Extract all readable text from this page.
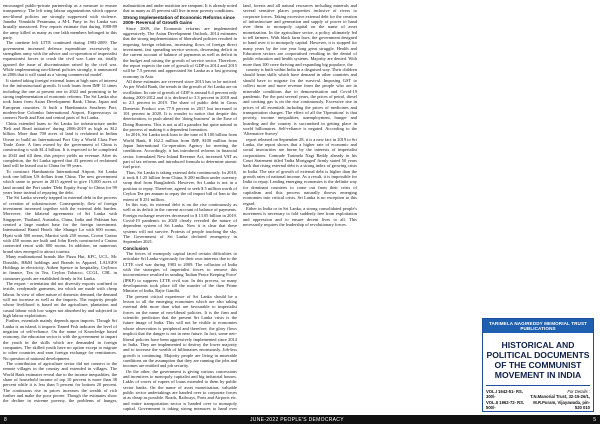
encouraged public-private partnership as a measure to ensure transparency. The left wing labour organizations which oppose neo-liberal policies are strongly suppressed with violence. Janatha Vimukthi Peramuna, a M-L Party in Sri Lanka was brutally massacred. Few reports estimate that during 1988-89 the army killed as many as one lakh members belonged to this party.

The onetime left LTTE continued during 1983-2009. The government increased defence expenditure excessively to strengthen army with the advice and co-operation of imperialist expansionist forces to crush the civil war. Later on, totally ignored the issue of discrimination raised by the civil war. While implementing neo-liberal policies strongly, it announced in 2006 that it will stand as a 'strong commercial model'.

It started taking foreign/ external loans at high rates of interest for the infrastructural growth. It took loans from IMF 11 times including the one at present one in 2022 and promising to be strong implementation of economic reforms. The Sri Lanka also took loans from Asian Development Bank, China, Japan and European countries. It built a Hambantota Southern Port, modern-line Colombo International Airport, Expressways to connect North and East and central parts of Sri Lanka.

China extended loans to Sri Lanka for infrastructure under 'Belt and Road initiative' during 2006-2019 as high as $12 billion. More than 700 acres of land is reclaimed in Indian Ocean to build an International Port City a World Class Free Trade Zone. A firm owned by the government of China is constructing it with $1.4 billion. It is expected to be completed in 2043 and till then, this project yields no revenue. After its completion, the Sri Lanka agreed that 43 percent of reclaimed land will be leased out to China for 99 years.

To construct Hambantota International Airport, Sri Lanka took one billion US dollars from China. The new government which came to power in 2015 agreed to give 15,000 acres of land around the Port under 'Debt Equity Swap' to China for 99 years lease instead of repaying the debt.

The Sri Lanka severely trapped in external debt in the process of creation of infrastructure. Consequently, flow of foreign investment increased together with the external debt burden. Moreover, the bilateral agreements of Sri Lanka with Singapore, Thailand, Australia, China, India and Pakistan has created a large market base for the foreign investment. International Brand Hotels like Shangri La with 600 rooms, Hyatt with 500 rooms, Marriot with 250 rooms, Crown Casino with 450 rooms are built and John Keels constructed a Casino connected resort with 800 rooms. In addition, on numerous brand sites emerged to attract tourists.

Many multinational brands like Pizza Hut, KFC, UCL, Mc Donalds, H&M holdings and Brands in Apparel, LAUGFS Holdings in electricity, Aitken Spence in hospitality, Ceylinco in finance, Tea in Tea, Ceylon Tobacco, CCGL, CBL in consumer goods are established firmly in Sri Lanka.

The export - orientation did not diversify exports confined to textile, readymade garments, tea which are made with cheap labour. In view of other nature of domestic demand, the demand will not increase as well as the imports. The majority people whose livelihood is based on the agriculture, plantation and casual labour with low wages not absorbed by and subjected to high labour exploitation.

Further, essentials mainly depends upon imports. Though Sri Lanka is an island, it imports Tinned Fish indicates the level of negation of self-reliance. On the name of Knowledge based economy, the education sector is with the government to impart the youth in the skills which are demanded in foreign companies. The skilled youth have no option except to migrate to other countries and earn foreign exchange for remittances. No question of national development.

The contribution of agriculture sector did not connect to the remote villages in the country and extended in villages. The World Bank estimates reveal due to the income inequalities, the share of household income of top 10 percent is more than 38 percent while it is less than 5 percent for bottom 20 percent. The continuous rise in prices increases the wealth of rich further and make the poor poorer. Though the estimates show the decline in extreme poverty, the problems of hunger, malnutrition and under nutrition are rampant. It is already noted that as many as 45 percent still live in near poverty conditions.

Strong Implementation of Economic Reforms since 2009- Reversal of Growth Gains

Since 2009, the Economic reforms are implemented aggressively. The Asian Development Outlook, 2014 estimates that the strong implementation of liberalised policies resulted in imposing foreign relations, increasing flows of foreign direct investment, fast spreading service sectors, decreasing deficit in the current account of balance of payments as well as deficit in the budget and raising the growth of service sector. Therefore, the report expects the rate of growth of GDP in 2014 and 2015 will be 7.5 percent and appreciated Sri Lanka as a fast growing economy in Asia.

All these estimates are reversed since 2013 has to be noticed. As per World Bank, the trends in the growth of Sri Lanka are on oscillation. Its rate of growth of GDP is around 6.4 percent only during 2003-2012 and it is declined to 3.3 percent in 2018 and to 2.3 percent in 2019. The share of public debt in Gross Domestic Product was 77.9 percent in 2017 but increased to 101 percent in 2020. It is wonder to notice that despite this deterioration, to push ahead the 'doing business' in the Ease of Doing Business. This is not at all a paradox but quite natural in the process of making it a dependent formation.

In 2016, Sri Lanka took loan to the tune of $ 100 billion from World Bank, $ 162.2 million from IMF, $100 million from Japan International Co-operation Agency for meeting the conditions. Accordingly, it has introduced reforms in financial sector, formulated New Inland Revenue Act, increased VAT as part of tax reforms and introduced formula to determine atomic fuel price.

Thus, Sri Lanka is taking external debt continuously. In 2018, it took $ 1.25 billion from China, $ 200 million under currency swap deal from Bangladesh. However, Sri Lanka is not in a position to repay. Therefore, agreed to seek $ 5 million worth of Ceylon Tea per annum to repay the oil import bill of Iran to the extent of $ 251 million.

In this way, its external debt is on the rise continuously as well as its deficit in the current account of balance of payments. Foreign exchange reserves decreased to $ 13.05 billion in 2019. Covid-19 pandemic in 2020 clearly revealed the nature of dependent system of Sri Lanka. Now it is clear that these systems will not survive. Protests of people touching the sky. The Government of Sri Lanka declared emergency in September 2021.

Conclusion

The forces of monopoly capital faced certain difficulties to articulate Sri Lanka vigorously for their own interests due to the LTTE civil war during 1983 to 2009. The collusion of India with the strategies of imperialist forces to remove this inconvenience resulted in sending 'Indian Peace Keeping Force' (IPKF) to suppress LTTE civil war. In this process, so many developments took place till the murder of the then Prime Minister of India, Rajiv Gandhi.

The present critical experience of Sri Lanka should be a lesson to all the emerging economies which are also taking external debt more than what are favourable to imperialist forces on the name of neo-liberal policies. It is the firm and scientific prediction that the present Sri Lanka crisis is the future image of India. This will not be visible to economies whose observation is peripheral and therefore, the glory flows implicit that the danger is not in near future. In fact, some neo-liberal policies have been aggressively implemented since 2014 in India. They are implemented to destroy the lower majority and to increase the wealth of billionaires enormously. Job-less growth is continuing. Majority people are living in miserable conditions on the assumption that they are running the jobs and incomes are entitled and job security.

On the other, the government is giving various concessions and incentives to monopoly capitalist and big industrial houses. Lakhs of crores of rupees of loans extended to them by public sector banks. On the name of asset monetisation, valuable public sector undertakings are handed over to corporate forces at as cheap as possible. Roads, Railways, Ports and Airports etc. and entire transportation sector is handed over to monopoly capital. Government is taking strong measures to hand over land, forests and all natural resources including minerals and several sensitive places properties inclusive of rivers to corporate forces. Taking excessive external debt for the creation of infrastructure and generation and supply of power to hand over them to monopoly capital on the name of asset monetization. In the agriculture sector, a policy ultimately led to tell farmers. With black farm laws, the government designed to hand over it to monopoly capital. However, it is stopped for many years by the one year long great struggle. Health and Education sectors are corporatised resulting in the denial of public education and health systems. Majority are denied. With more than 100 crore thriving and expanding big populace, the

country is built within India in a disguised way. Their children should learn skills which have demand in other countries and should have to migrate for the survival. Imposing GST to collect more and more revenue from the people who are in miserable conditions due to demonetisation and Covid-19 pandemic. For the past several years, the prices of petrol, diesel and cooking gas is on the rise continuously. Excessive rise in prices of all essentials including the prices of medicines and transportation charges. The effect of all the 'Operations' is that poverty, income inequalities, unemployment, hunger and hoarding and the country is succumbed in getting place in world billionaires. Self-reliance is negated. According to the 'Alternative Survey'

report released on September 28, it is a new fact in 2019 to Sri Lanka, the report shows that a higher rate of economic and social insecurities are borne by the interests of imperialist corporations. Comrade Tarimela Nagi Reddy already in his Court Statement titled 'India Mortgaged' firmly stated 50 years back that rising external debt is a strong index of growing crisis in India. The rate of growth of external debt is higher than the growth rates of national income. As a result, it is impossible for India to repay. Leading emerging economies is the definite way for dominant countries to come out from their crisis of capitalism and this process naturally throws emerging economies into critical crisis. Sri Lanka is no exception to this regard.

Either in India or in Sri Lanka, a strong consolidated people's movement is necessary to fold suddenly free from exploitation and oppression and to ensure decent lives to all. This necessarily requires the leadership of revolutionary forces.

TARIMELA NAGIREDDY MEMORIAL TRUST PUBLICATIONS
HISTORICAL AND POLITICAL DOCUMENTS OF THE COMMUNIST MOVEMENT IN INDIA
VOL.I 1942-51- RS. 300/-
VOL.II 1962-72- RS. 500/-
For Details :
T.N.Manorial Trust, 32-15-26/1,
M.R.Puram, Vijayawada, pin-520 010
8	JUNE-2022 PEOPLE'S DEMOCRACY	5
